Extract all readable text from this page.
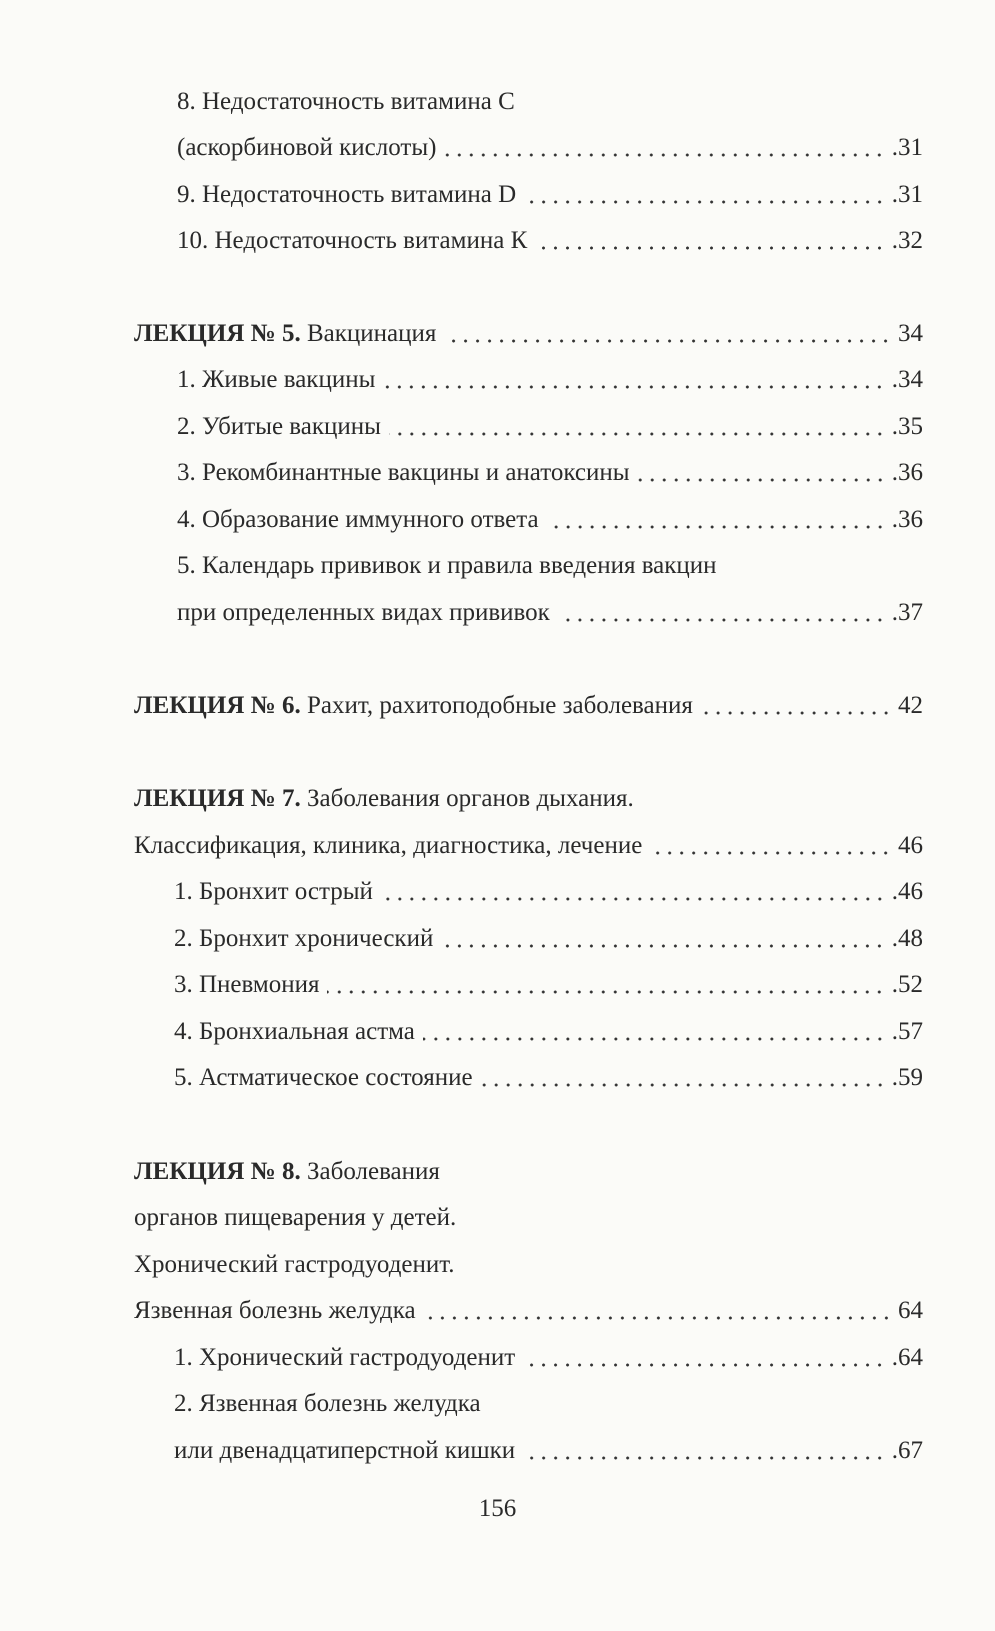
8. Недостаточность витамина С
(аскорбиновой кислоты)	.31
9. Недостаточность витамина D	.31
10. Недостаточность витамина К	.32
ЛЕКЦИЯ № 5. Вакцинация	34
1. Живые вакцины	.34
2. Убитые вакцины	.35
3. Рекомбинантные вакцины и анатоксины	.36
4. Образование иммунного ответа	.36
5. Календарь прививок и правила введения вакцин
при определенных видах прививок	.37
ЛЕКЦИЯ № 6. Рахит, рахитоподобные заболевания	42
ЛЕКЦИЯ № 7. Заболевания органов дыхания.
Классификация, клиника, диагностика, лечение	46
1. Бронхит острый	.46
2. Бронхит хронический	.48
3. Пневмония	.52
4. Бронхиальная астма	.57
5. Астматическое состояние	.59
ЛЕКЦИЯ № 8. Заболевания
органов пищеварения у детей.
Хронический гастродуоденит.
Язвенная болезнь желудка	64
1. Хронический гастродуоденит	.64
2. Язвенная болезнь желудка
или двенадцатиперстной кишки	.67
156
